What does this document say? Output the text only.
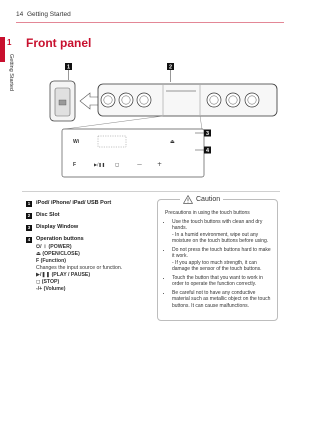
14 Getting Started
1
Getting Started
Front panel
1	2
Wi	⏏
F	▶/❚❚ ◻	—	+
3
4
1	iPod/ iPhone/ iPad/ USB Port
2	Disc Slot
3	Display Window
4	Operation buttons
⏻/ ⏽ (POWER)
⏏ (OPEN/CLOSE)
F (Function)
Changes the input source or function.
▶/❚❚ (PLAY / PAUSE)
◻ (STOP)
-/+ (Volume)
Caution
Precautions in using the touch buttons
• Use the touch buttons with clean and dry hands.
- In a humid environment, wipe out any moisture on the touch buttons before using.
• Do not press the touch buttons hard to make it work.
- If you apply too much strength, it can damage the sensor of the touch buttons.
• Touch the button that you want to work in order to operate the function correctly.
• Be careful not to have any conductive material such as metallic object on the touch buttons. It can cause malfunctions.
